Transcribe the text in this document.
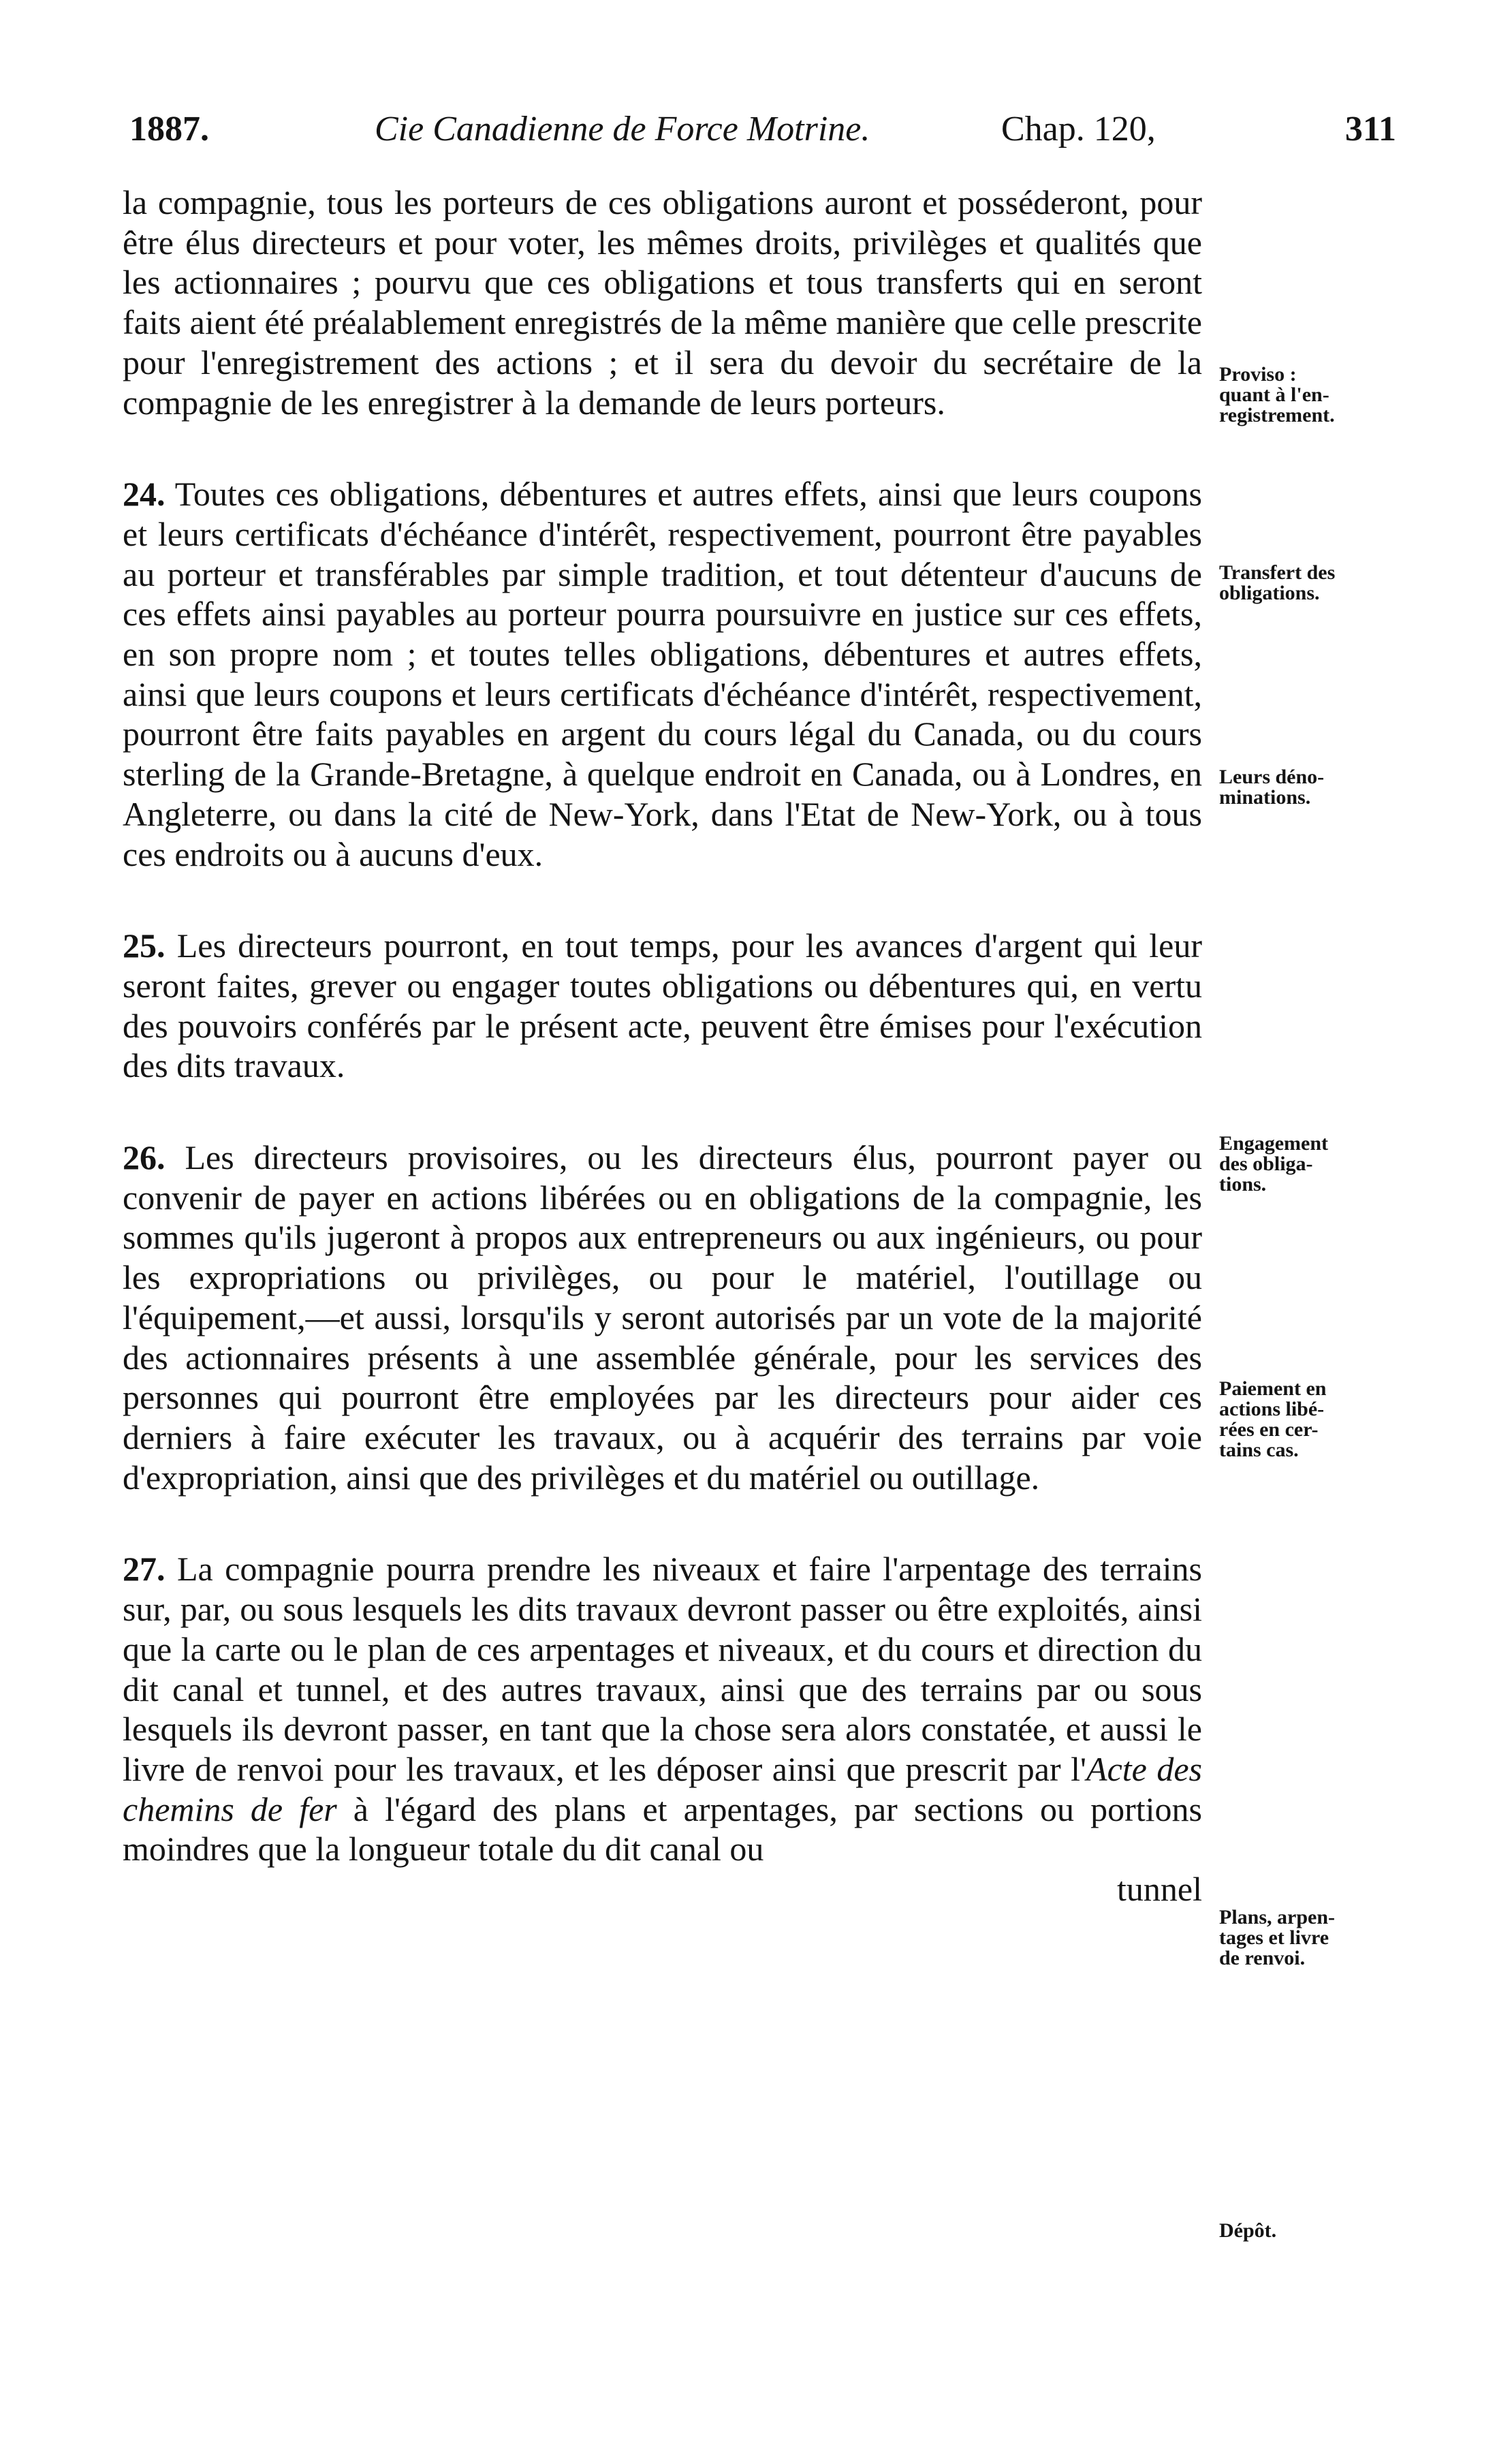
1887.	Cie Canadienne de Force Motrine.	Chap. 120,	311

la compagnie, tous les porteurs de ces obligations auront et posséderont, pour être élus directeurs et pour voter, les mêmes droits, privilèges et qualités que les actionnaires ; pourvu que ces obligations et tous transferts qui en seront faits aient été préalablement enregistrés de la même manière que celle prescrite pour l'enregistrement des actions ; et il sera du devoir du secrétaire de la compagnie de les enregistrer à la demande de leurs porteurs.

24. Toutes ces obligations, débentures et autres effets, ainsi que leurs coupons et leurs certificats d'échéance d'intérêt, respectivement, pourront être payables au porteur et transférables par simple tradition, et tout détenteur d'aucuns de ces effets ainsi payables au porteur pourra poursuivre en justice sur ces effets, en son propre nom ; et toutes telles obligations, débentures et autres effets, ainsi que leurs coupons et leurs certificats d'échéance d'intérêt, respectivement, pourront être faits payables en argent du cours légal du Canada, ou du cours sterling de la Grande-Bretagne, à quelque endroit en Canada, ou à Londres, en Angleterre, ou dans la cité de New-York, dans l'Etat de New-York, ou à tous ces endroits ou à aucuns d'eux.

25. Les directeurs pourront, en tout temps, pour les avances d'argent qui leur seront faites, grever ou engager toutes obligations ou débentures qui, en vertu des pouvoirs conférés par le présent acte, peuvent être émises pour l'exécution des dits travaux.

26. Les directeurs provisoires, ou les directeurs élus, pourront payer ou convenir de payer en actions libérées ou en obligations de la compagnie, les sommes qu'ils jugeront à propos aux entrepreneurs ou aux ingénieurs, ou pour les expropriations ou privilèges, ou pour le matériel, l'outillage ou l'équipement,—et aussi, lorsqu'ils y seront autorisés par un vote de la majorité des actionnaires présents à une assemblée générale, pour les services des personnes qui pourront être employées par les directeurs pour aider ces derniers à faire exécuter les travaux, ou à acquérir des terrains par voie d'expropriation, ainsi que des privilèges et du matériel ou outillage.

27. La compagnie pourra prendre les niveaux et faire l'arpentage des terrains sur, par, ou sous lesquels les dits travaux devront passer ou être exploités, ainsi que la carte ou le plan de ces arpentages et niveaux, et du cours et direction du dit canal et tunnel, et des autres travaux, ainsi que des terrains par ou sous lesquels ils devront passer, en tant que la chose sera alors constatée, et aussi le livre de renvoi pour les travaux, et les déposer ainsi que prescrit par l'Acte des chemins de fer à l'égard des plans et arpentages, par sections ou portions moindres que la longueur totale du dit canal ou

tunnel

Proviso :
quant à l'en-
registrement.
Transfert des
obligations.
Leurs déno-
minations.
Engagement
des obliga-
tions.
Paiement en
actions libé-
rées en cer-
tains cas.
Plans, arpen-
tages et livre
de renvoi.
Dépôt.
